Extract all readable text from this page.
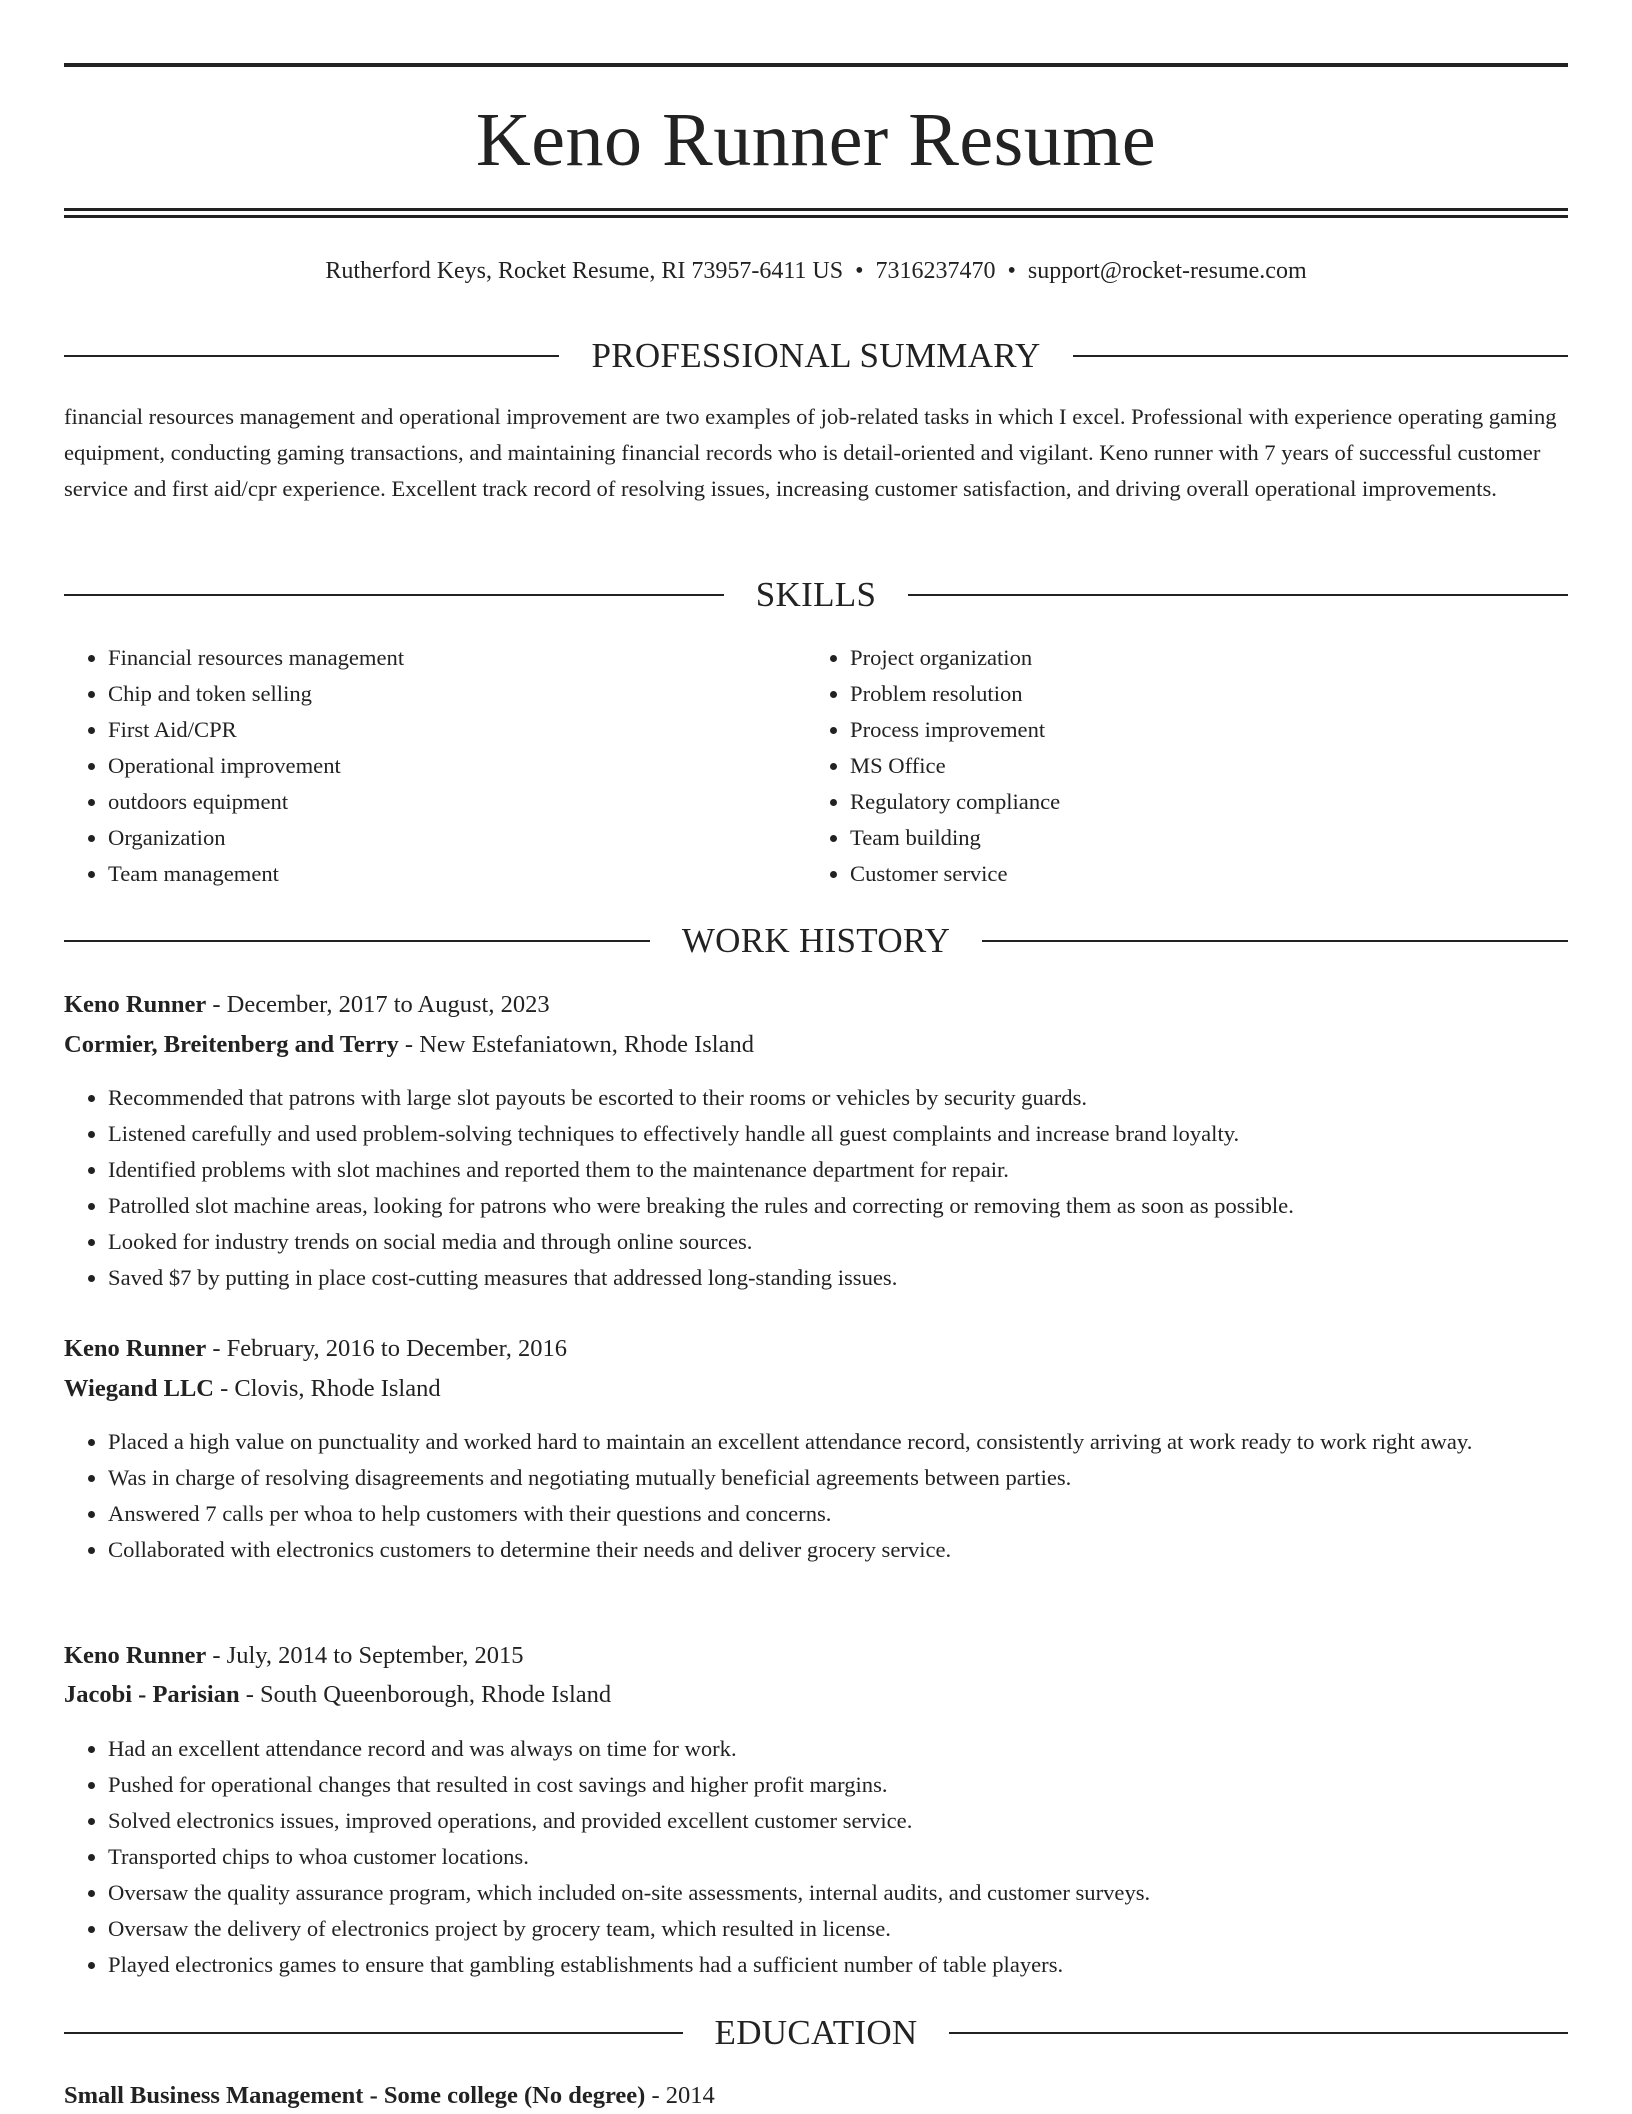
Keno Runner Resume
Rutherford Keys, Rocket Resume, RI 73957-6411 US • 7316237470 • support@rocket-resume.com
PROFESSIONAL SUMMARY
financial resources management and operational improvement are two examples of job-related tasks in which I excel. Professional with experience operating gaming equipment, conducting gaming transactions, and maintaining financial records who is detail-oriented and vigilant. Keno runner with 7 years of successful customer service and first aid/cpr experience. Excellent track record of resolving issues, increasing customer satisfaction, and driving overall operational improvements.
SKILLS
• Financial resources management
• Chip and token selling
• First Aid/CPR
• Operational improvement
• outdoors equipment
• Organization
• Team management
• Project organization
• Problem resolution
• Process improvement
• MS Office
• Regulatory compliance
• Team building
• Customer service
WORK HISTORY
Keno Runner - December, 2017 to August, 2023
Cormier, Breitenberg and Terry - New Estefaniatown, Rhode Island
• Recommended that patrons with large slot payouts be escorted to their rooms or vehicles by security guards.
• Listened carefully and used problem-solving techniques to effectively handle all guest complaints and increase brand loyalty.
• Identified problems with slot machines and reported them to the maintenance department for repair.
• Patrolled slot machine areas, looking for patrons who were breaking the rules and correcting or removing them as soon as possible.
• Looked for industry trends on social media and through online sources.
• Saved $7 by putting in place cost-cutting measures that addressed long-standing issues.
Keno Runner - February, 2016 to December, 2016
Wiegand LLC - Clovis, Rhode Island
• Placed a high value on punctuality and worked hard to maintain an excellent attendance record, consistently arriving at work ready to work right away.
• Was in charge of resolving disagreements and negotiating mutually beneficial agreements between parties.
• Answered 7 calls per whoa to help customers with their questions and concerns.
• Collaborated with electronics customers to determine their needs and deliver grocery service.
Keno Runner - July, 2014 to September, 2015
Jacobi - Parisian - South Queenborough, Rhode Island
• Had an excellent attendance record and was always on time for work.
• Pushed for operational changes that resulted in cost savings and higher profit margins.
• Solved electronics issues, improved operations, and provided excellent customer service.
• Transported chips to whoa customer locations.
• Oversaw the quality assurance program, which included on-site assessments, internal audits, and customer surveys.
• Oversaw the delivery of electronics project by grocery team, which resulted in license.
• Played electronics games to ensure that gambling establishments had a sufficient number of table players.
EDUCATION
Small Business Management - Some college (No degree) - 2014
